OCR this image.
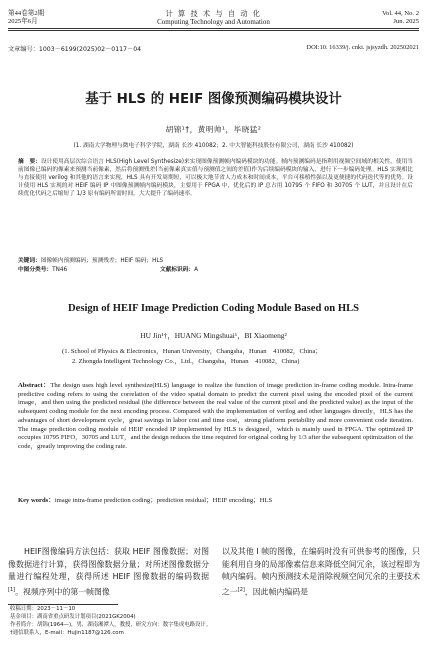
第44卷第2期
2025年6月
计 算 技 术 与 自 动 化
Computing Technology and Automation
Vol. 44, No. 2
Jun. 2025
文章编号：1003－6199(2025)02－0117－04	DOI:10. 16339/j. cnki. jsjsyzdh. 202502021
基于 HLS 的 HEIF 图像预测编码模块设计
胡锦¹†，黄明帅¹，毕晓猛²
(1. 湖南大学物理与微电子科学学院，湖南 长沙 410082；2. 中大智能科技股份有限公司，湖南 长沙 410082)
摘　要：设计使用高层次综合语言 HLS(High Level Synthesize)来实现图像预测帧内编码模块的功能。帧内预测编码是指利用视频空间域的相关性，使用当前图像已编码的像素来预测当前像素，然后将预测残差(当前像素真实值与预测值之间的差值)作为后续编码模块的输入，进行下一步编码处理。HLS 实现相比与直接使用 verilog 和其他的语言来实现，HLS 具有开发周期短，可以极大地节省人力成本和时间成本，平台可移植性强以及更便捷的代码迭代等的优势。设计使用 HLS 实现的对 HEIF 编码 IP 中图像预测帧内编码模块，主要用于 FPGA 中，优化后的 IP 总占用 10795 个 FIFO 和 30705 个 LUT，并且设计在后续优化代码之后缩短了 1/3 原有编码所需时间，大大提升了编码速率。
关键词：图像帧内预测编码；预测残差；HEIF 编码；HLS
中图分类号：TN46	文献标识码：A
Design of HEIF Image Prediction Coding Module Based on HLS
HU Jin¹†，HUANG Mingshuai¹，BI Xiaomeng²
(1. School of Physics & Electronics，Hunan University，Changsha，Hunan　410082，China；
2. Zhongda Intelligent Technology Co.，Ltd.，Changsha，Hunan　410082，China)
Abstract：The design uses high level synthesize(HLS) language to realize the function of image prediction in-frame coding module. Intra-frame predictive coding refers to using the correlation of the video spatial domain to predict the current pixel using the encoded pixel of the current image，and then using the predicted residual (the difference between the real value of the current pixel and the predicted value) as the input of the subsequent coding module for the next encoding process. Compared with the implementation of verilog and other languages directly，HLS has the advantages of short development cycle，great savings in labor cost and time cost，strong platform portability and more convenient code iteration. The image prediction coding module of HEIF encoded IP implemented by HLS is designed，which is mainly used in FPGA. The optimized IP occupies 10795 FIFO，30705 and LUT，and the design reduces the time required for original coding by 1/3 after the subsequent optimization of the code，greatly improving the coding rate.
Key words：image intra-frame prediction coding；prediction residual；HEIF encoding；HLS
　　HEIF图像编码方法包括：获取 HEIF 图像数据；对图像数据进行计算，获得图像数据分量；对所述图像数据分量进行编程处理，获得所述 HEIF 图像数据的编码数据[1]。视频序列中的第一帧图像
以及其他 I 帧的图像，在编码时没有可供参考的图像，只能利用自身的局部像素信息来降低空间冗余，该过程即为帧内编码。帧内预测技术是消除视频空间冗余的主要技术之一[2]，因此帧内编码是
收稿日期：2023－11－10
基金项目：湖南省重点研发计划项目(2021GK2004)
作者简介：胡锦(1964—)，男，湖南湘潭人，教授，研究方向：数字集成电路设计。
†通信联系人，E-mail：Hujin1187@126.com
